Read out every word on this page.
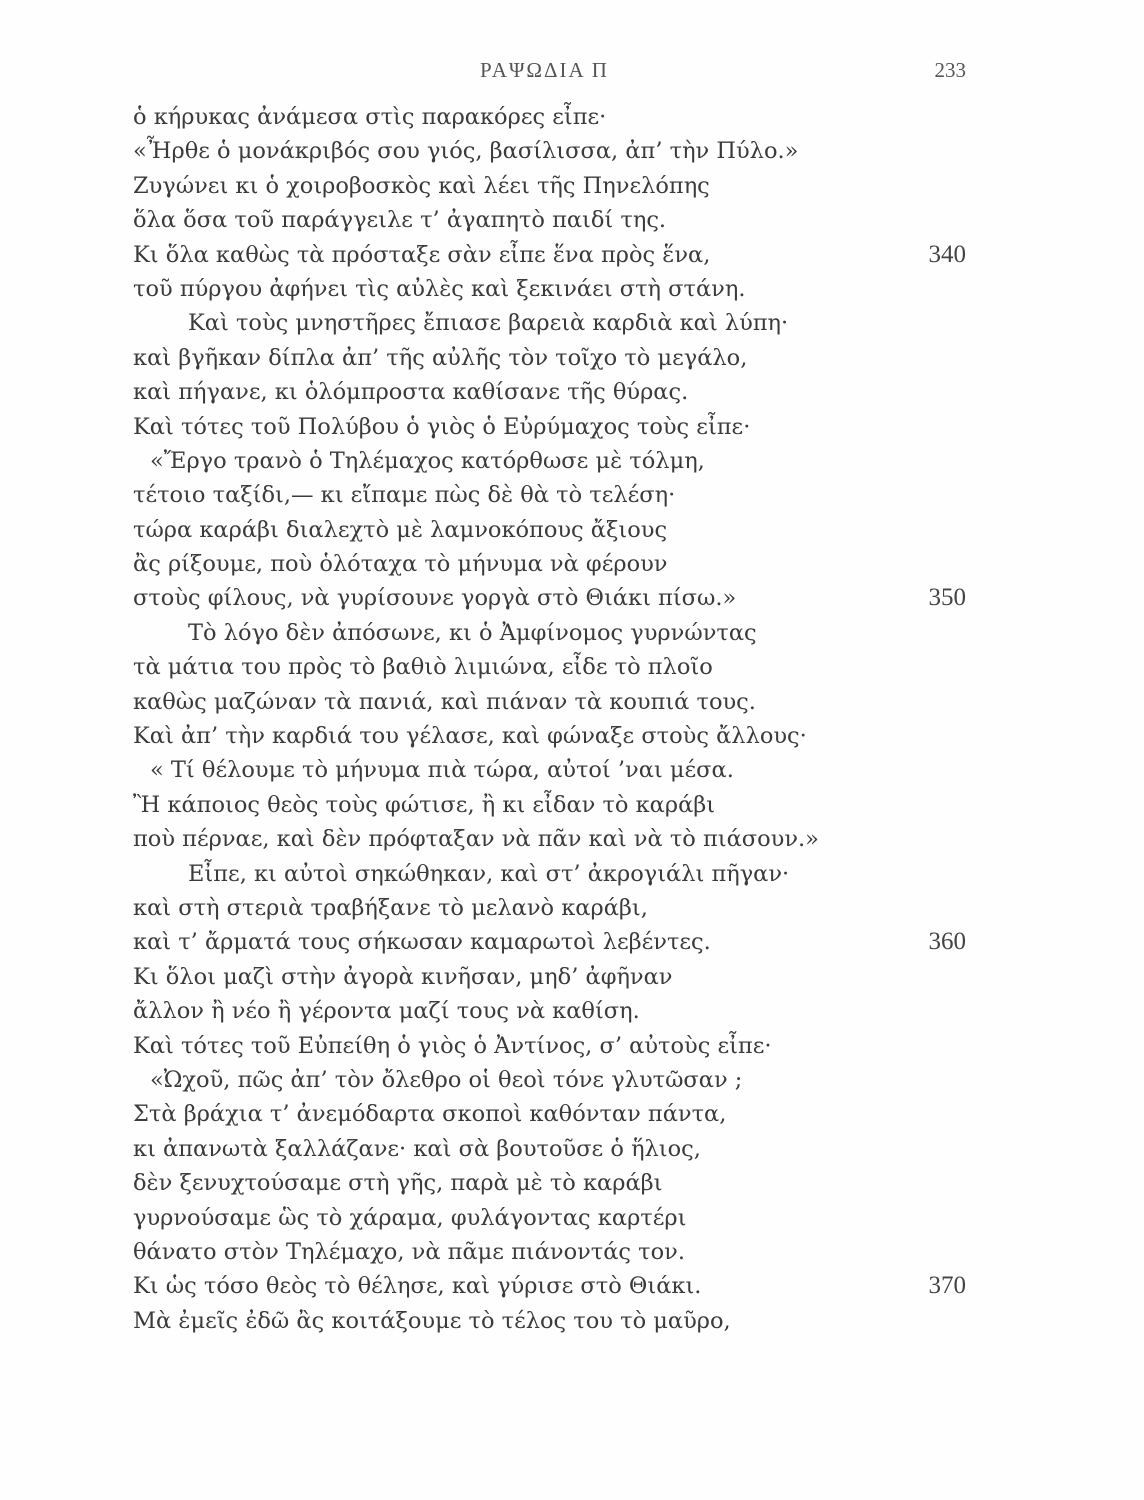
ΡΑΨΩΔΙΑ Π	233
ὁ κήρυκας ἀνάμεσα στὶς παρακόρες εἶπε·
«Ἦρθε ὁ μονάκριβός σου γιός, βασίλισσα, ἀπ’ τὴν Πύλο.»
Ζυγώνει κι ὁ χοιροβοσκὸς καὶ λέει τῆς Πηνελόπης
ὅλα ὅσα τοῦ παράγγειλε τ’ ἀγαπητὸ παιδί της.
Κι ὅλα καθὼς τὰ πρόσταξε σὰν εἶπε ἕνα πρὸς ἕνα,	340
τοῦ πύργου ἀφήνει τὶς αὐλὲς καὶ ξεκινάει στὴ στάνη.
Καὶ τοὺς μνηστῆρες ἔπιασε βαρειὰ καρδιὰ καὶ λύπη·
καὶ βγῆκαν δίπλα ἀπ’ τῆς αὐλῆς τὸν τοῖχο τὸ μεγάλο,
καὶ πήγανε, κι ὁλόμπροστα καθίσανε τῆς θύρας.
Καὶ τότες τοῦ Πολύβου ὁ γιὸς ὁ Εὐρύμαχος τοὺς εἶπε·
«Ἔργο τρανὸ ὁ Τηλέμαχος κατόρθωσε μὲ τόλμη,
τέτοιο ταξίδι,— κι εἴπαμε πὼς δὲ θὰ τὸ τελέση·
τώρα καράβι διαλεχτὸ μὲ λαμνοκόπους ἄξιους
ἂς ρίξουμε, ποὺ ὁλόταχα τὸ μήνυμα νὰ φέρουν
στοὺς φίλους, νὰ γυρίσουνε γοργὰ στὸ Θιάκι πίσω.»	350
Τὸ λόγο δὲν ἀπόσωνε, κι ὁ Ἀμφίνομος γυρνώντας
τὰ μάτια του πρὸς τὸ βαθιὸ λιμιώνα, εἶδε τὸ πλοῖο
καθὼς μαζώναν τὰ πανιά, καὶ πιάναν τὰ κουπιά τους.
Καὶ ἀπ’ τὴν καρδιά του γέλασε, καὶ φώναξε στοὺς ἄλλους·
« Τί θέλουμε τὸ μήνυμα πιὰ τώρα, αὐτοί ’ναι μέσα.
Ἢ κάποιος θεὸς τοὺς φώτισε, ἢ κι εἶδαν τὸ καράβι
ποὺ πέρναε, καὶ δὲν πρόφταξαν νὰ πᾶν καὶ νὰ τὸ πιάσουν.»
Εἶπε, κι αὐτοὶ σηκώθηκαν, καὶ στ’ ἀκρογιάλι πῆγαν·
καὶ στὴ στεριὰ τραβήξανε τὸ μελανὸ καράβι,
καὶ τ’ ἄρματά τους σήκωσαν καμαρωτοὶ λεβέντες.	360
Κι ὅλοι μαζὶ στὴν ἀγορὰ κινῆσαν, μηδ’ ἀφῆναν
ἄλλον ἢ νέο ἢ γέροντα μαζί τους νὰ καθίση.
Καὶ τότες τοῦ Εὐπείθη ὁ γιὸς ὁ Ἀντίνος, σ’ αὐτοὺς εἶπε·
«Ὠχοῦ, πῶς ἀπ’ τὸν ὄλεθρο οἱ θεοὶ τόνε γλυτῶσαν ;
Στὰ βράχια τ’ ἀνεμόδαρτα σκοποὶ καθόνταν πάντα,
κι ἀπανωτὰ ξαλλάζανε· καὶ σὰ βουτοῦσε ὁ ἥλιος,
δὲν ξενυχτούσαμε στὴ γῆς, παρὰ μὲ τὸ καράβι
γυρνούσαμε ὣς τὸ χάραμα, φυλάγοντας καρτέρι
θάνατο στὸν Τηλέμαχο, νὰ πᾶμε πιάνοντάς τον.
Κι ὡς τόσο θεὸς τὸ θέλησε, καὶ γύρισε στὸ Θιάκι.	370
Μὰ ἐμεῖς ἐδῶ ἂς κοιτάξουμε τὸ τέλος του τὸ μαῦρο,
